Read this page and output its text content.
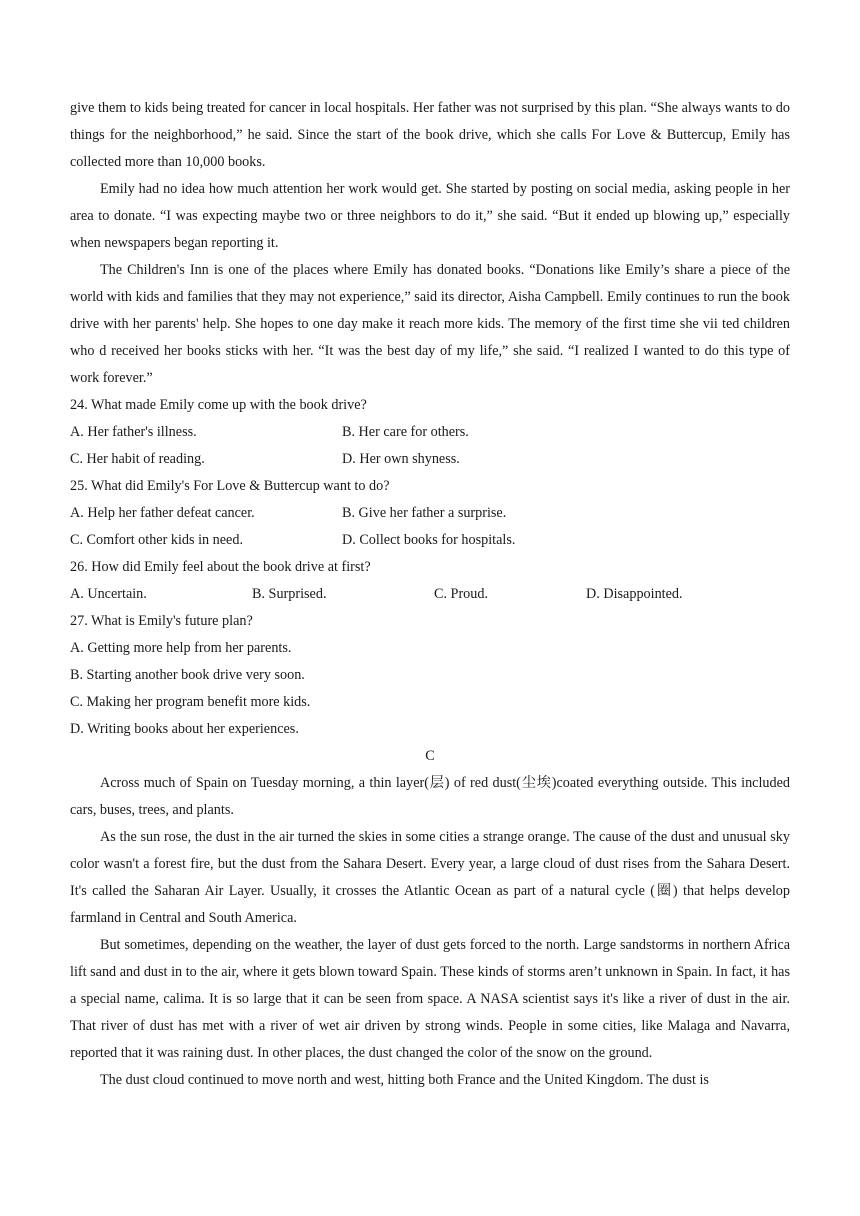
give them to kids being treated for cancer in local hospitals. Her father was not surprised by this plan. “She always wants to do things for the neighborhood,” he said. Since the start of the book drive, which she calls For Love & Buttercup, Emily has collected more than 10,000 books.

Emily had no idea how much attention her work would get. She started by posting on social media, asking people in her area to donate. “I was expecting maybe two or three neighbors to do it,” she said. “But it ended up blowing up,” especially when newspapers began reporting it.

The Children's Inn is one of the places where Emily has donated books. “Donations like Emily’s share a piece of the world with kids and families that they may not experience,” said its director, Aisha Campbell. Emily continues to run the book drive with her parents' help. She hopes to one day make it reach more kids. The memory of the first time she vii ted children who d received her books sticks with her. “It was the best day of my life,” she said. “I realized I wanted to do this type of work forever.”

24. What made Emily come up with the book drive?

A. Her father's illness.	B. Her care for others.
C. Her habit of reading.	D. Her own shyness.

25. What did Emily's For Love & Buttercup want to do?

A. Help her father defeat cancer.	B. Give her father a surprise.
C. Comfort other kids in need.	D. Collect books for hospitals.

26. How did Emily feel about the book drive at first?

A. Uncertain.	B. Surprised.	C. Proud.	D. Disappointed.

27. What is Emily's future plan?

A. Getting more help from her parents.

B. Starting another book drive very soon.

C. Making her program benefit more kids.

D. Writing books about her experiences.

C

Across much of Spain on Tuesday morning, a thin layer(层) of red dust(尘埃)coated everything outside. This included cars, buses, trees, and plants.

As the sun rose, the dust in the air turned the skies in some cities a strange orange. The cause of the dust and unusual sky color wasn't a forest fire, but the dust from the Sahara Desert. Every year, a large cloud of dust rises from the Sahara Desert. It's called the Saharan Air Layer. Usually, it crosses the Atlantic Ocean as part of a natural cycle (圈) that helps develop farmland in Central and South America.

But sometimes, depending on the weather, the layer of dust gets forced to the north. Large sandstorms in northern Africa lift sand and dust in to the air, where it gets blown toward Spain. These kinds of storms aren’t unknown in Spain. In fact, it has a special name, calima. It is so large that it can be seen from space. A NASA scientist says it's like a river of dust in the air. That river of dust has met with a river of wet air driven by strong winds. People in some cities, like Malaga and Navarra, reported that it was raining dust. In other places, the dust changed the color of the snow on the ground.

The dust cloud continued to move north and west, hitting both France and the United Kingdom. The dust is
